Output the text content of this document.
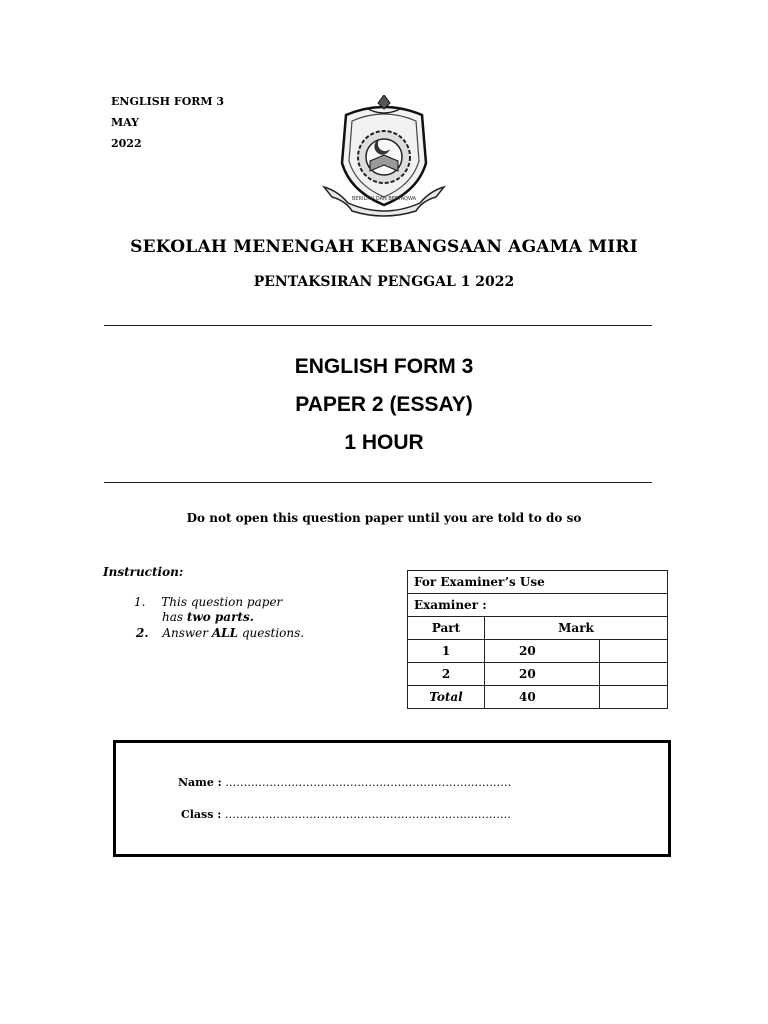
ENGLISH FORM 3
MAY
2022
BERILMU DAN BERTAQWA
SEKOLAH MENENGAH KEBANGSAAN AGAMA MIRI
PENTAKSIRAN PENGGAL 1 2022
ENGLISH FORM 3
PAPER 2 (ESSAY)
1 HOUR
Do not open this question paper until you are told to do so
Instruction:
1. This question paper
has two parts.
2. Answer ALL questions.
For Examiner’s Use		
Examiner :		
Part	Mark	
1	20	
2	20	
Total	40	
Name : ……………………………………………………………………
Class : ……………………………………………………………………
